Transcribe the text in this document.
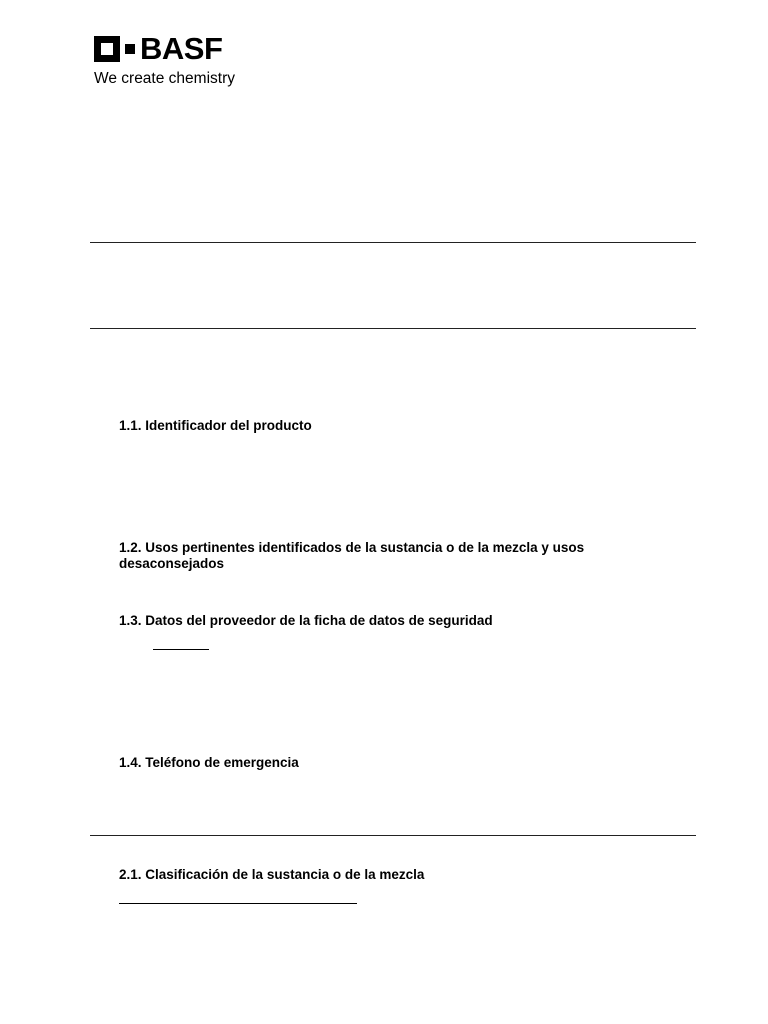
BASF
We create chemistry
1.1. Identificador del producto
1.2. Usos pertinentes identificados de la sustancia o de la mezcla y usos desaconsejados
1.3. Datos del proveedor de la ficha de datos de seguridad
1.4. Teléfono de emergencia
2.1. Clasificación de la sustancia o de la mezcla
